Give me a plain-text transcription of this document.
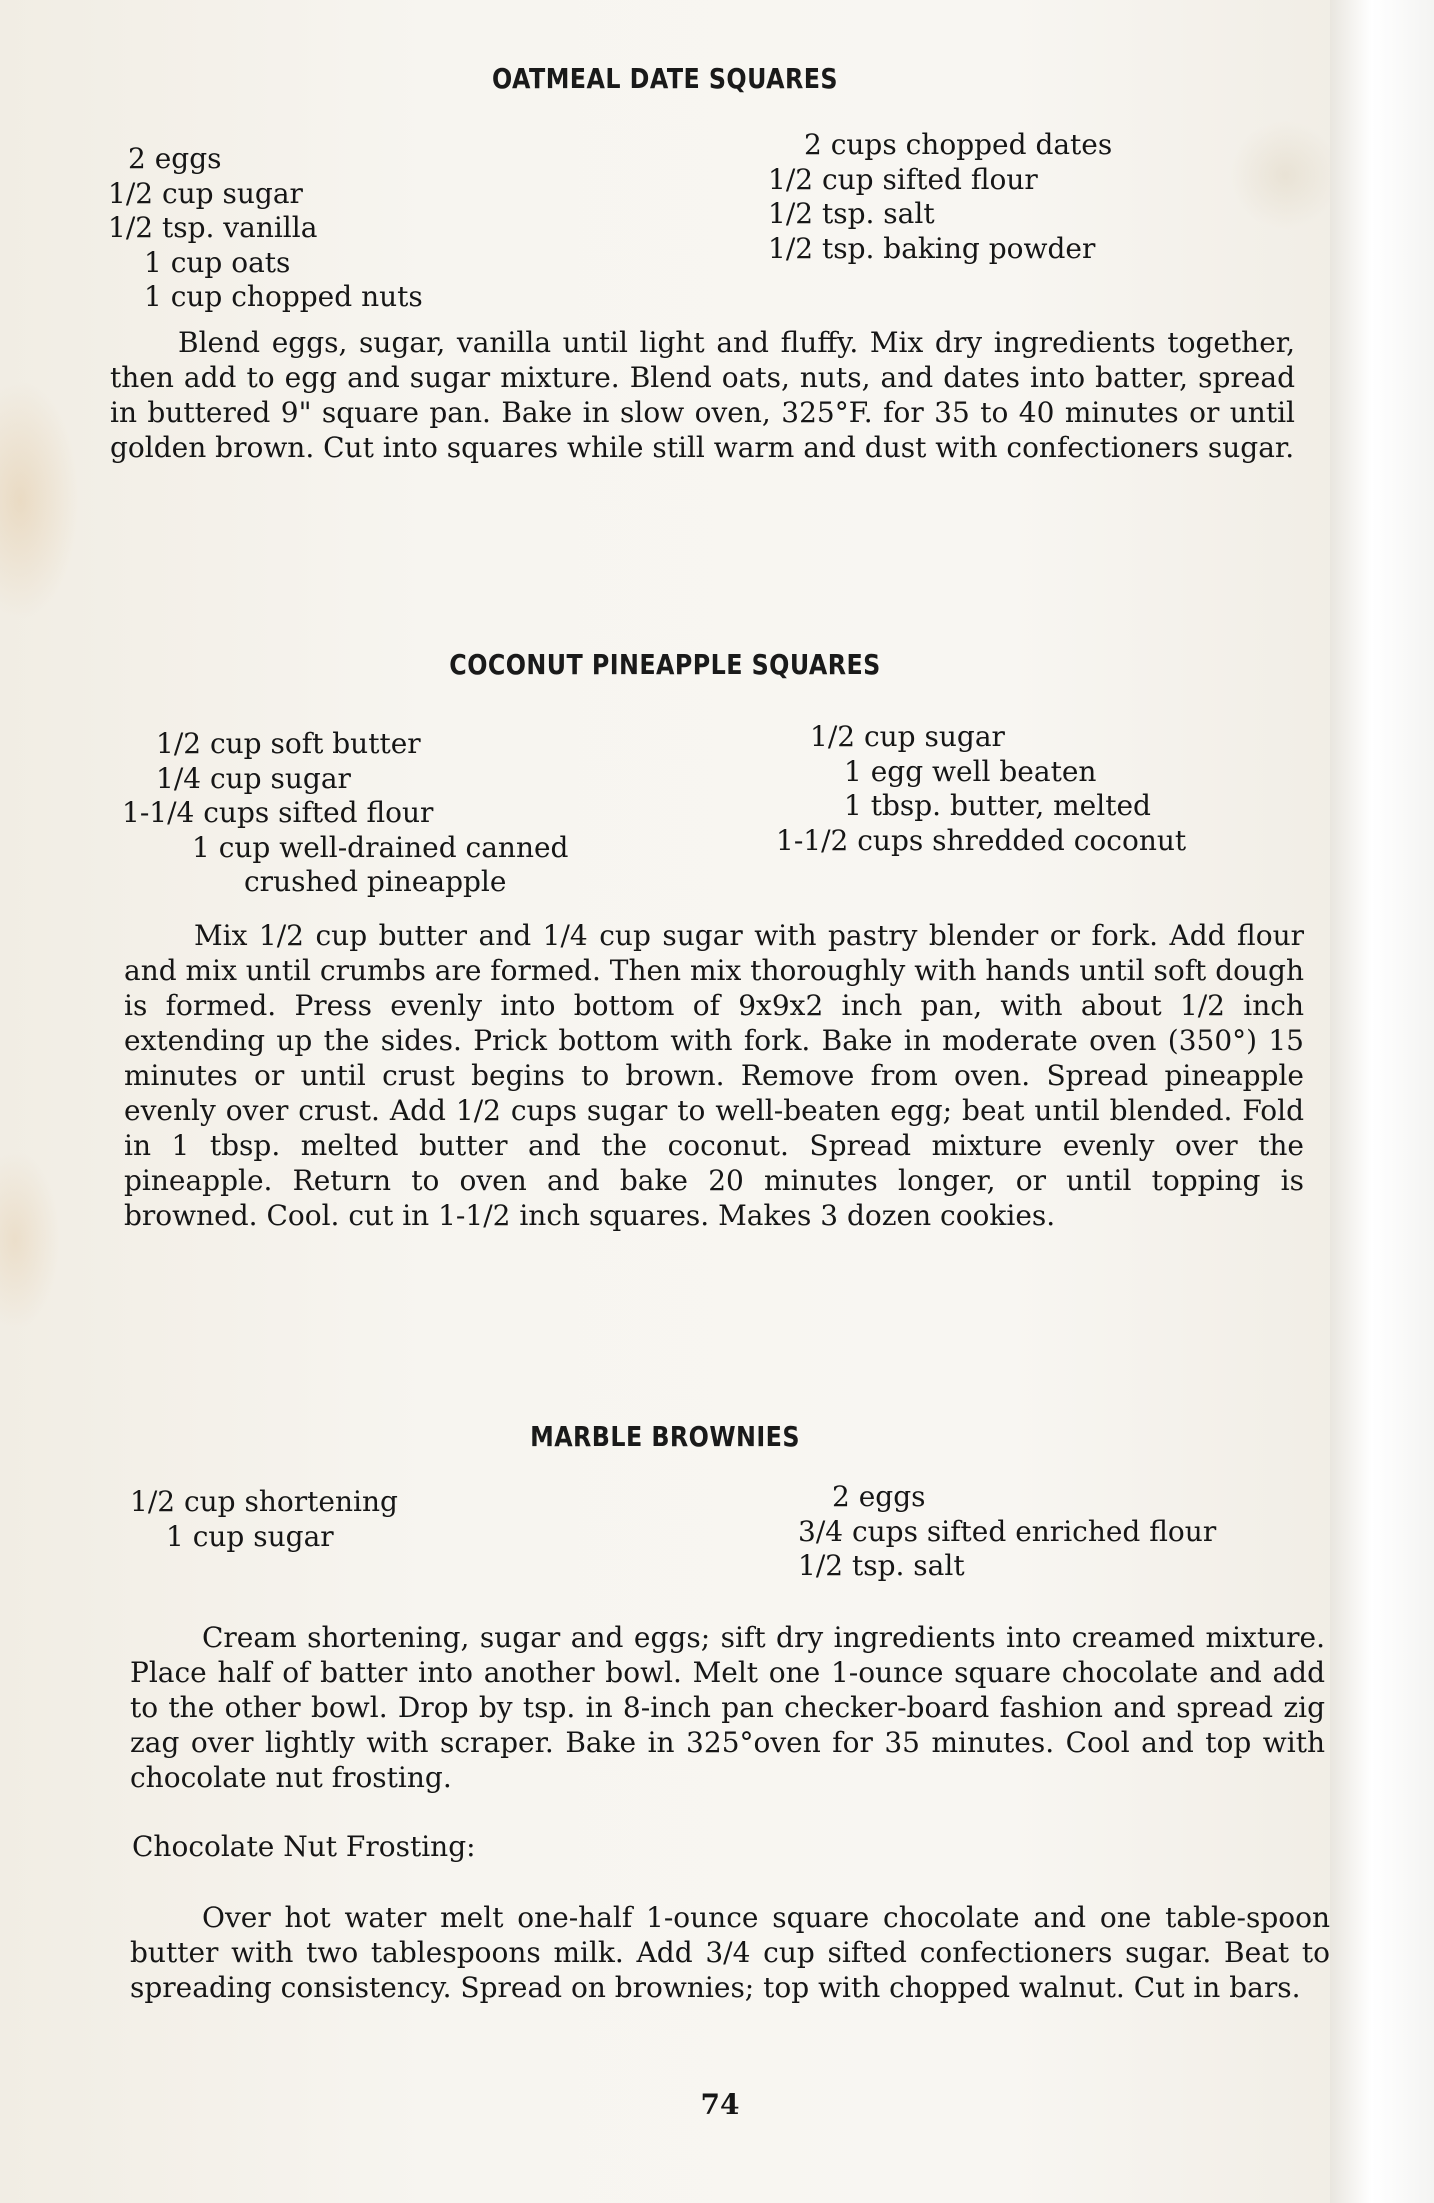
OATMEAL DATE SQUARES
2 eggs
1/2 cup sugar
1/2 tsp. vanilla
1 cup oats
1 cup chopped nuts
2 cups chopped dates
1/2 cup sifted flour
1/2 tsp. salt
1/2 tsp. baking powder

Blend eggs, sugar, vanilla until light and fluffy. Mix dry ingredients together, then add to egg and sugar mixture. Blend oats, nuts, and dates into batter, spread in buttered 9" square pan. Bake in slow oven, 325°F. for 35 to 40 minutes or until golden brown. Cut into squares while still warm and dust with confectioners sugar.

COCONUT PINEAPPLE SQUARES
1/2 cup soft butter
1/4 cup sugar
1-1/4 cups sifted flour
1 cup well-drained canned
crushed pineapple
1/2 cup sugar
1 egg well beaten
1 tbsp. butter, melted
1-1/2 cups shredded coconut

Mix 1/2 cup butter and 1/4 cup sugar with pastry blender or fork. Add flour and mix until crumbs are formed. Then mix thoroughly with hands until soft dough is formed. Press evenly into bottom of 9x9x2 inch pan, with about 1/2 inch extending up the sides. Prick bottom with fork. Bake in moderate oven (350°) 15 minutes or until crust begins to brown. Remove from oven. Spread pineapple evenly over crust. Add 1/2 cups sugar to well-beaten egg; beat until blended. Fold in 1 tbsp. melted butter and the coconut. Spread mixture evenly over the pineapple. Return to oven and bake 20 minutes longer, or until topping is browned. Cool. cut in 1-1/2 inch squares. Makes 3 dozen cookies.

MARBLE BROWNIES
1/2 cup shortening
1 cup sugar
2 eggs
3/4 cups sifted enriched flour
1/2 tsp. salt

Cream shortening, sugar and eggs; sift dry ingredients into creamed mixture. Place half of batter into another bowl. Melt one 1-ounce square chocolate and add to the other bowl. Drop by tsp. in 8-inch pan checker-board fashion and spread zig zag over lightly with scraper. Bake in 325°oven for 35 minutes. Cool and top with chocolate nut frosting.

Chocolate Nut Frosting:

Over hot water melt one-half 1-ounce square chocolate and one table-spoon butter with two tablespoons milk. Add 3/4 cup sifted confectioners sugar. Beat to spreading consistency. Spread on brownies; top with chopped walnut. Cut in bars.

74
